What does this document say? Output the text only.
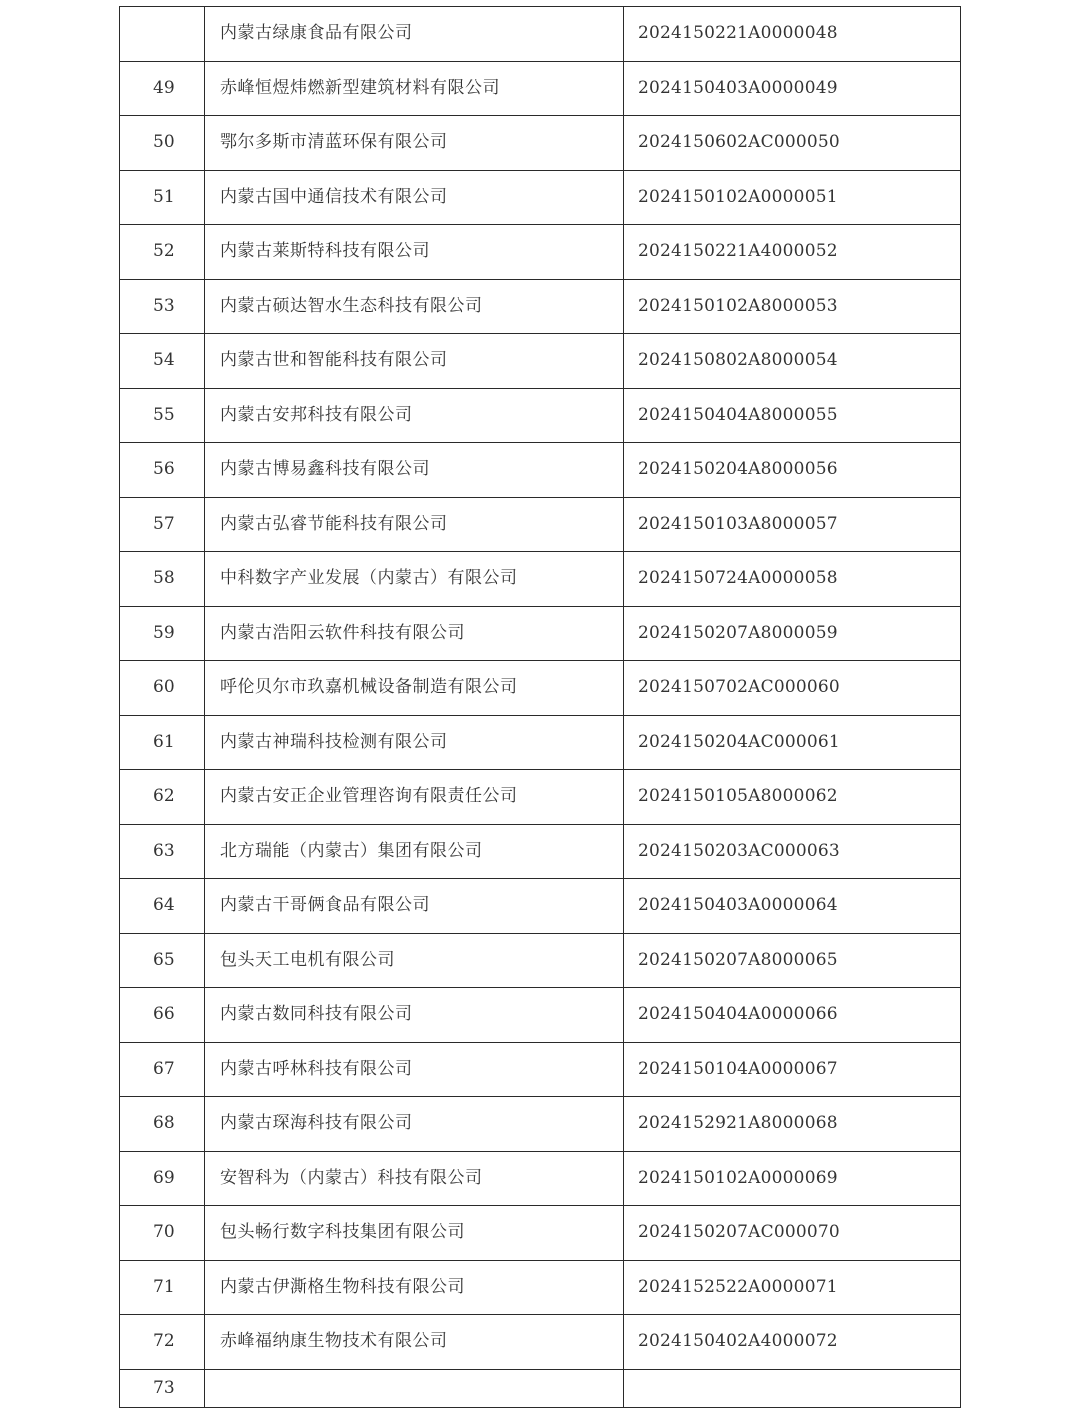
	内蒙古绿康食品有限公司	2024150221A0000048
49	赤峰恒煜炜燃新型建筑材料有限公司	2024150403A0000049
50	鄂尔多斯市清蓝环保有限公司	2024150602AC000050
51	内蒙古国中通信技术有限公司	2024150102A0000051
52	内蒙古莱斯特科技有限公司	2024150221A4000052
53	内蒙古硕达智水生态科技有限公司	2024150102A8000053
54	内蒙古世和智能科技有限公司	2024150802A8000054
55	内蒙古安邦科技有限公司	2024150404A8000055
56	内蒙古博易鑫科技有限公司	2024150204A8000056
57	内蒙古弘睿节能科技有限公司	2024150103A8000057
58	中科数字产业发展（内蒙古）有限公司	2024150724A0000058
59	内蒙古浩阳云软件科技有限公司	2024150207A8000059
60	呼伦贝尔市玖嘉机械设备制造有限公司	2024150702AC000060
61	内蒙古神瑞科技检测有限公司	2024150204AC000061
62	内蒙古安正企业管理咨询有限责任公司	2024150105A8000062
63	北方瑞能（内蒙古）集团有限公司	2024150203AC000063
64	内蒙古干哥俩食品有限公司	2024150403A0000064
65	包头天工电机有限公司	2024150207A8000065
66	内蒙古数同科技有限公司	2024150404A0000066
67	内蒙古呼林科技有限公司	2024150104A0000067
68	内蒙古琛海科技有限公司	2024152921A8000068
69	安智科为（内蒙古）科技有限公司	2024150102A0000069
70	包头畅行数字科技集团有限公司	2024150207AC000070
71	内蒙古伊澌格生物科技有限公司	2024152522A0000071
72	赤峰福纳康生物技术有限公司	2024150402A4000072
73		
